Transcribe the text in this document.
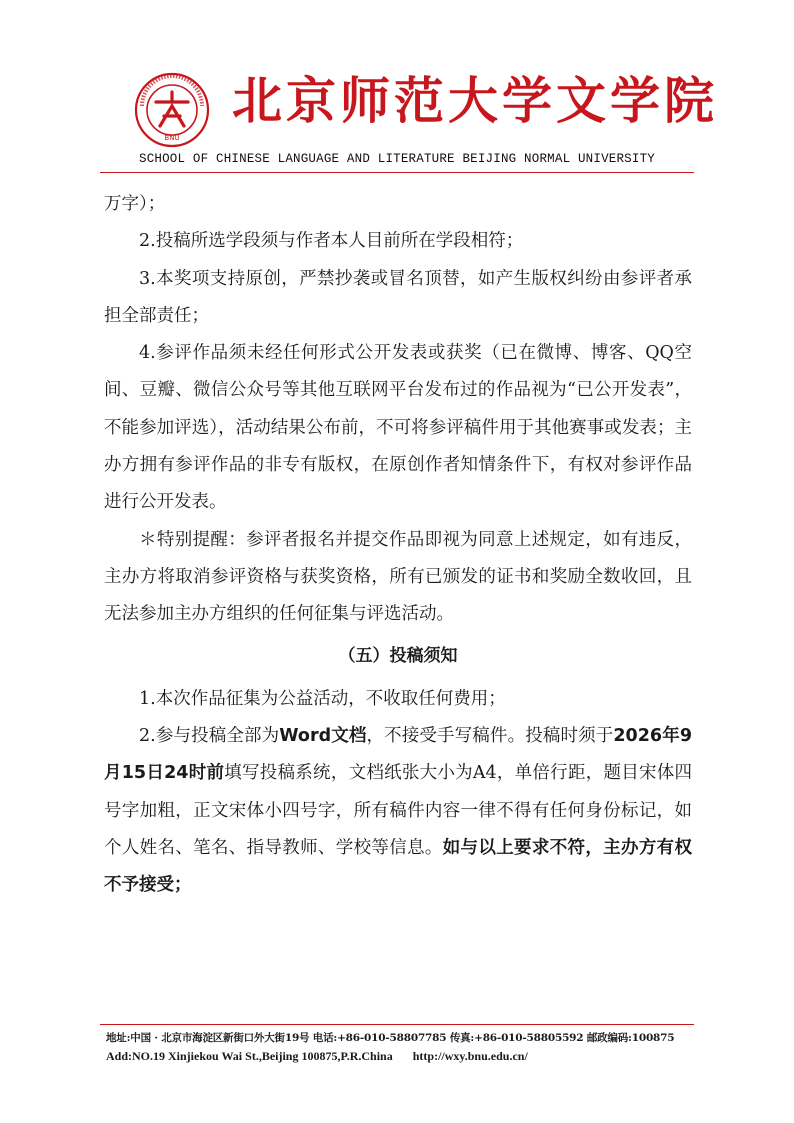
BNU
北京师范大学文学院
SCHOOL OF CHINESE LANGUAGE AND LITERATURE BEIJING NORMAL UNIVERSITY

万字）；

2.投稿所选学段须与作者本人目前所在学段相符；

3.本奖项支持原创，严禁抄袭或冒名顶替，如产生版权纠纷由参评者承担全部责任；

4.参评作品须未经任何形式公开发表或获奖（已在微博、博客、QQ空间、豆瓣、微信公众号等其他互联网平台发布过的作品视为“已公开发表”，不能参加评选），活动结果公布前，不可将参评稿件用于其他赛事或发表；主办方拥有参评作品的非专有版权，在原创作者知情条件下，有权对参评作品进行公开发表。

＊特别提醒：参评者报名并提交作品即视为同意上述规定，如有违反，主办方将取消参评资格与获奖资格，所有已颁发的证书和奖励全数收回，且无法参加主办方组织的任何征集与评选活动。

（五）投稿须知

1.本次作品征集为公益活动，不收取任何费用；

2.参与投稿全部为Word文档，不接受手写稿件。投稿时须于2026年9月15日24时前填写投稿系统，文档纸张大小为A4，单倍行距，题目宋体四号字加粗，正文宋体小四号字，所有稿件内容一律不得有任何身份标记，如个人姓名、笔名、指导教师、学校等信息。如与以上要求不符，主办方有权不予接受；

地址:中国 · 北京市海淀区新街口外大街19号 电话:+86-010-58807785 传真:+86-010-58805592 邮政编码:100875
Add:NO.19 Xinjiekou Wai St.,Beijing 100875,P.R.China http://wxy.bnu.edu.cn/
